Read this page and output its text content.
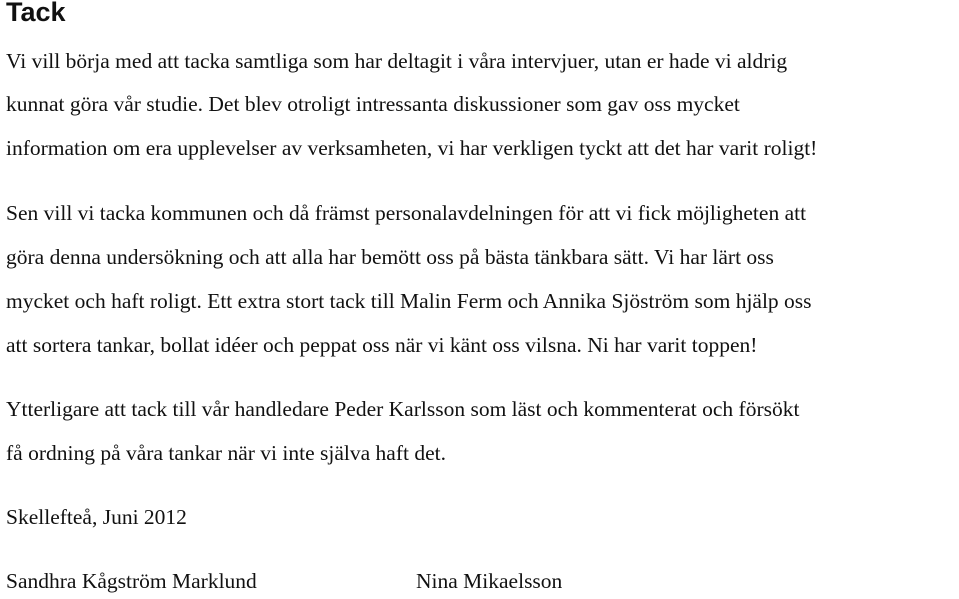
Tack

Vi vill börja med att tacka samtliga som har deltagit i våra intervjuer, utan er hade vi aldrig

kunnat göra vår studie. Det blev otroligt intressanta diskussioner som gav oss mycket

information om era upplevelser av verksamheten, vi har verkligen tyckt att det har varit roligt!

Sen vill vi tacka kommunen och då främst personalavdelningen för att vi fick möjligheten att

göra denna undersökning och att alla har bemött oss på bästa tänkbara sätt. Vi har lärt oss

mycket och haft roligt. Ett extra stort tack till Malin Ferm och Annika Sjöström som hjälp oss

att sortera tankar, bollat idéer och peppat oss när vi känt oss vilsna. Ni har varit toppen!

Ytterligare att tack till vår handledare Peder Karlsson som läst och kommenterat och försökt

få ordning på våra tankar när vi inte själva haft det.

Skellefteå, Juni 2012

Sandhra Kågström Marklund	Nina Mikaelsson
